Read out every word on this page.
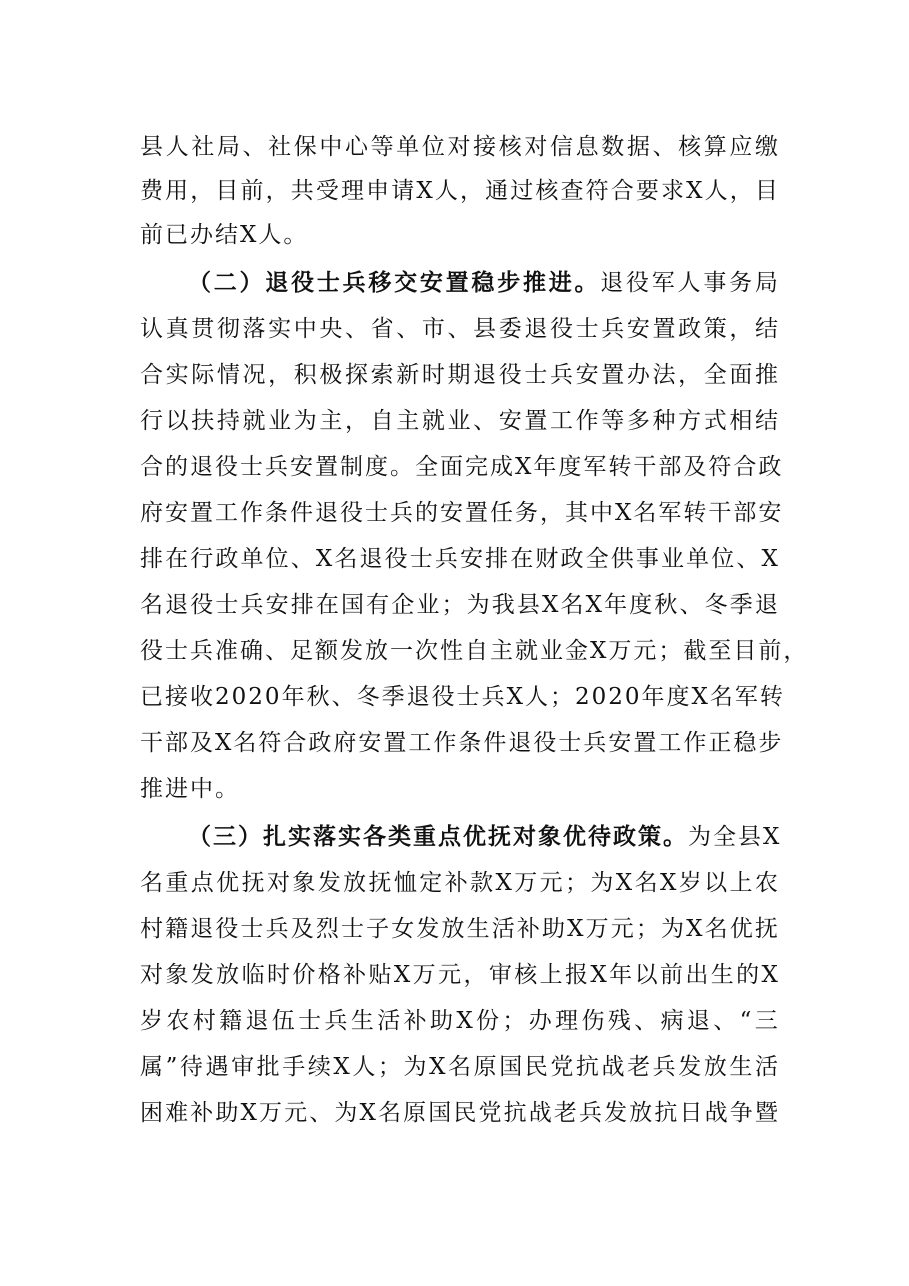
县 人 社 局 、 社 保 中 心 等 单 位 对 接 核 对 信 息 数 据 、 核 算 应 缴
费 用 ， 目 前 ， 共 受 理 申 请 X 人 ， 通 过 核 查 符 合 要 求 X 人 ， 目
前 已 办 结 X 人 。
（ 二 ） 退 役 士 兵 移 交 安 置 稳 步 推 进 。 退 役 军 人 事 务 局
认 真 贯 彻 落 实 中 央 、 省 、 市 、 县 委 退 役 士 兵 安 置 政 策 ， 结
合 实 际 情 况 ， 积 极 探 索 新 时 期 退 役 士 兵 安 置 办 法 ， 全 面 推
行 以 扶 持 就 业 为 主 ， 自 主 就 业 、 安 置 工 作 等 多 种 方 式 相 结
合 的 退 役 士 兵 安 置 制 度 。 全 面 完 成 X 年 度 军 转 干 部 及 符 合 政
府 安 置 工 作 条 件 退 役 士 兵 的 安 置 任 务 ， 其 中 X 名 军 转 干 部 安
排 在 行 政 单 位 、 X 名 退 役 士 兵 安 排 在 财 政 全 供 事 业 单 位 、 X
名 退 役 士 兵 安 排 在 国 有 企 业 ； 为 我 县 X 名 X 年 度 秋 、 冬 季 退
役 士 兵 准 确 、 足 额 发 放 一 次 性 自 主 就 业 金 X 万 元 ； 截 至 目 前 ，
已 接 收 2 0 2 0 年 秋 、 冬 季 退 役 士 兵 X 人 ； 2 0 2 0 年 度 X 名 军 转
干 部 及 X 名 符 合 政 府 安 置 工 作 条 件 退 役 士 兵 安 置 工 作 正 稳 步
推 进 中 。
（ 三 ） 扎 实 落 实 各 类 重 点 优 抚 对 象 优 待 政 策 。 为 全 县 X
名 重 点 优 抚 对 象 发 放 抚 恤 定 补 款 X 万 元 ； 为 X 名 X 岁 以 上 农
村 籍 退 役 士 兵 及 烈 士 子 女 发 放 生 活 补 助 X 万 元 ； 为 X 名 优 抚
对 象 发 放 临 时 价 格 补 贴 X 万 元 ， 审 核 上 报 X 年 以 前 出 生 的 X
岁 农 村 籍 退 伍 士 兵 生 活 补 助 X 份 ； 办 理 伤 残 、 病 退 、 “ 三
属 ” 待 遇 审 批 手 续 X 人 ； 为 X 名 原 国 民 党 抗 战 老 兵 发 放 生 活
困 难 补 助 X 万 元 、 为 X 名 原 国 民 党 抗 战 老 兵 发 放 抗 日 战 争 暨
